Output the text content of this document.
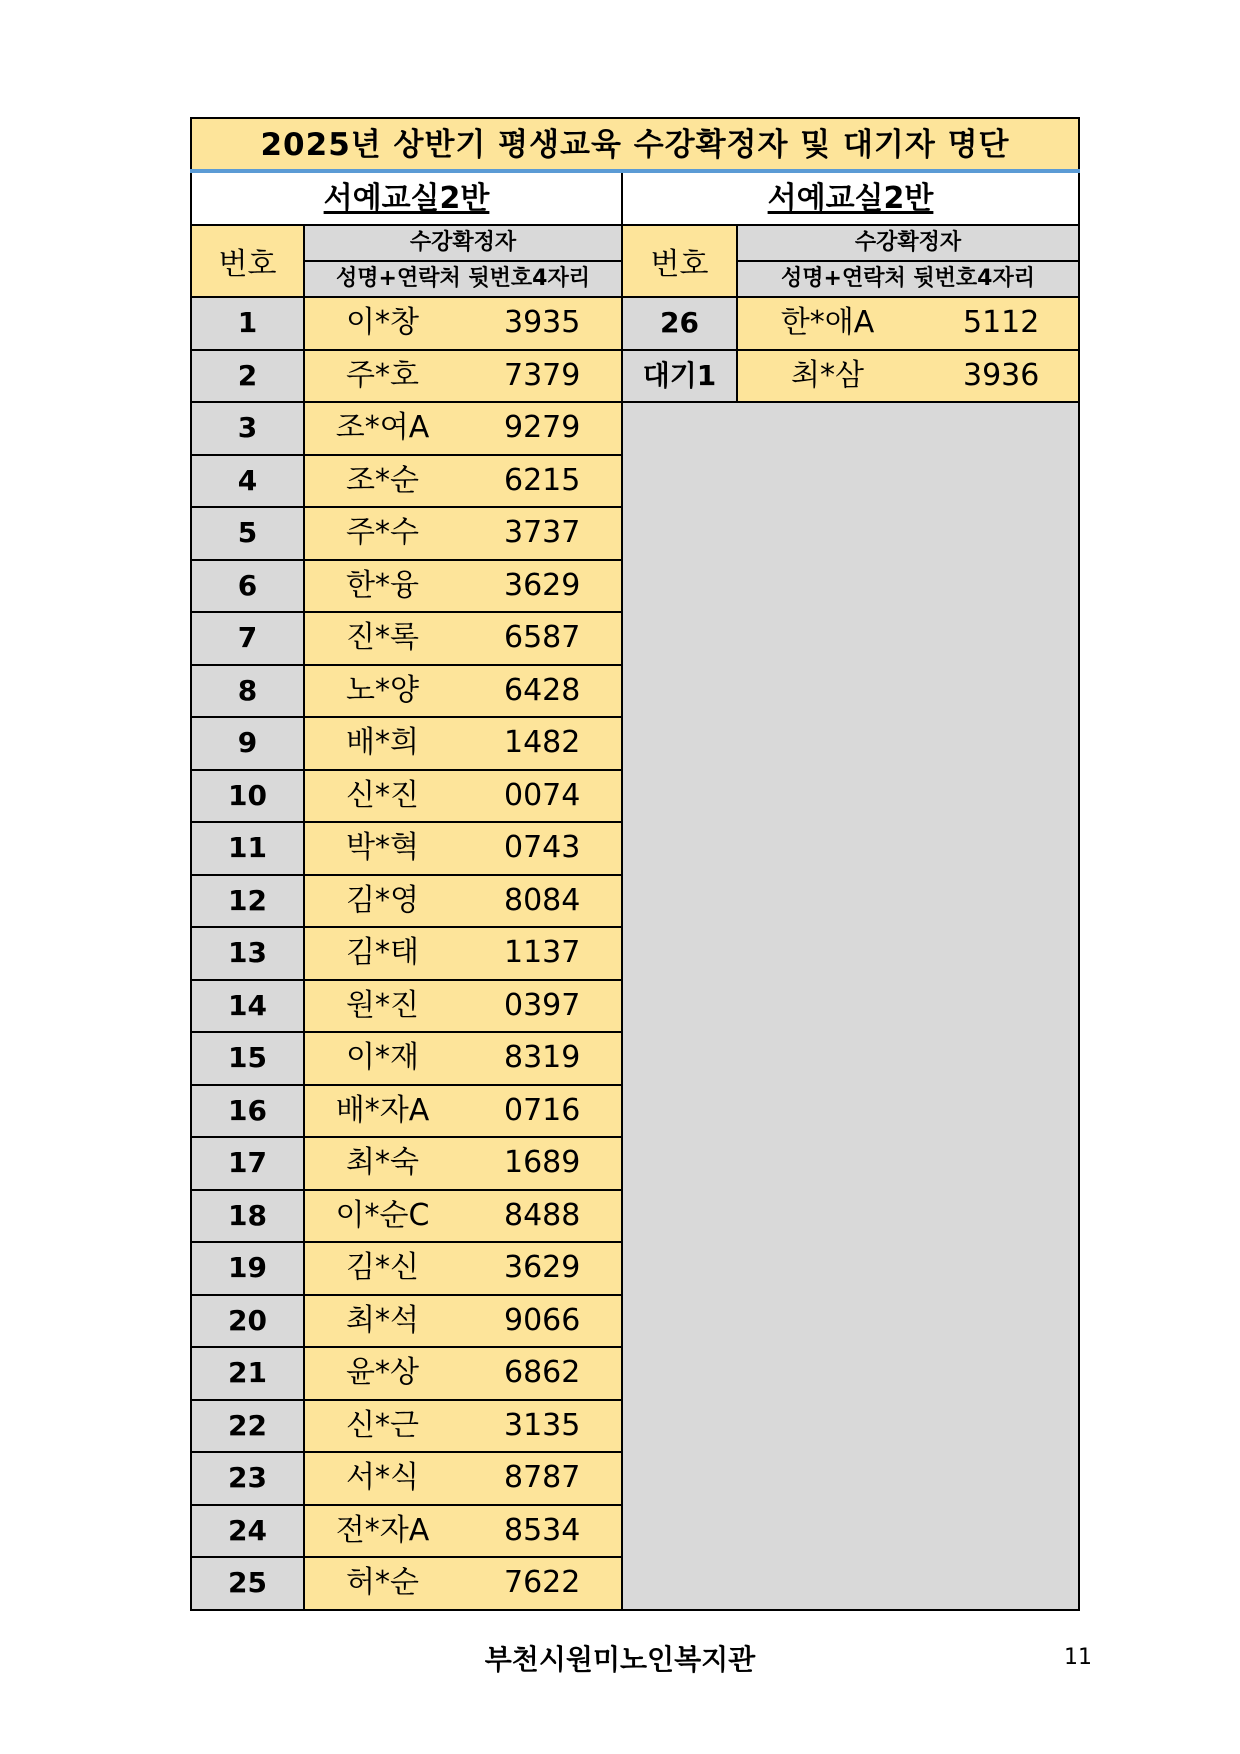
2025년 상반기 평생교육 수강확정자 및 대기자 명단
서예교실2반
번호
수강확정자
성명+연락처 뒷번호4자리
1	이*창	3935
2	주*호	7379
3	조*여A	9279
4	조*순	6215
5	주*수	3737
6	한*융	3629
7	진*록	6587
8	노*양	6428
9	배*희	1482
10	신*진	0074
11	박*혁	0743
12	김*영	8084
13	김*태	1137
14	원*진	0397
15	이*재	8319
16	배*자A	0716
17	최*숙	1689
18	이*순C	8488
19	김*신	3629
20	최*석	9066
21	윤*상	6862
22	신*근	3135
23	서*식	8787
24	전*자A	8534
25	허*순	7622
서예교실2반
번호
수강확정자
성명+연락처 뒷번호4자리
26	한*애A	5112
대기1	최*삼	3936
부천시원미노인복지관	11
